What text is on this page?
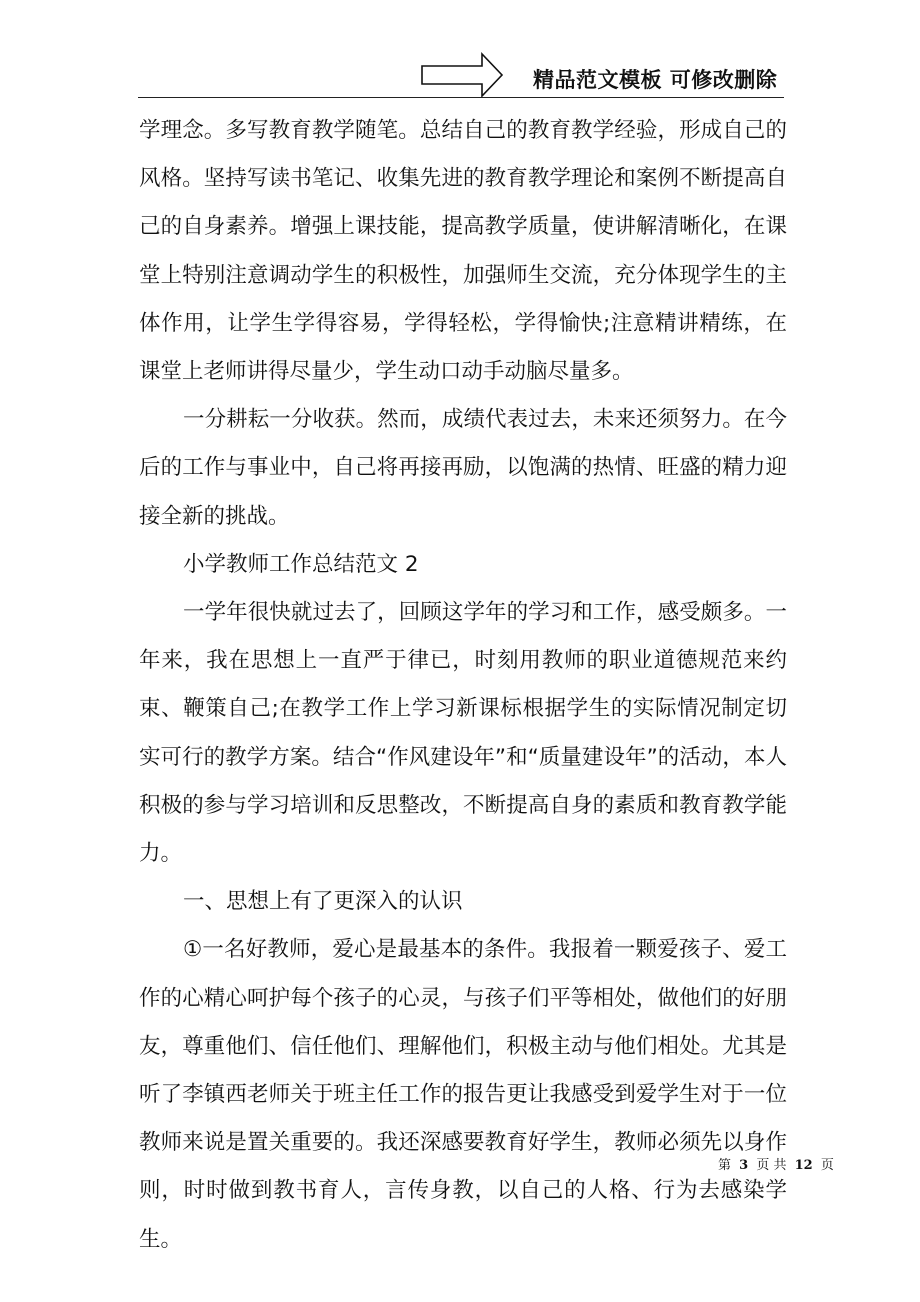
精品范文模板 可修改删除

学理念。多写教育教学随笔。总结自己的教育教学经验，形成自己的风格。坚持写读书笔记、收集先进的教育教学理论和案例不断提高自己的自身素养。增强上课技能，提高教学质量，使讲解清晰化，在课堂上特别注意调动学生的积极性，加强师生交流，充分体现学生的主体作用，让学生学得容易，学得轻松，学得愉快;注意精讲精练，在课堂上老师讲得尽量少，学生动口动手动脑尽量多。

一分耕耘一分收获。然而，成绩代表过去，未来还须努力。在今后的工作与事业中，自己将再接再励，以饱满的热情、旺盛的精力迎接全新的挑战。

小学教师工作总结范文 2

一学年很快就过去了，回顾这学年的学习和工作，感受颇多。一年来，我在思想上一直严于律已，时刻用教师的职业道德规范来约束、鞭策自己;在教学工作上学习新课标根据学生的实际情况制定切实可行的教学方案。结合“作风建设年”和“质量建设年”的活动，本人积极的参与学习培训和反思整改，不断提高自身的素质和教育教学能力。

一、思想上有了更深入的认识

①一名好教师，爱心是最基本的条件。我报着一颗爱孩子、爱工作的心精心呵护每个孩子的心灵，与孩子们平等相处，做他们的好朋友，尊重他们、信任他们、理解他们，积极主动与他们相处。尤其是听了李镇西老师关于班主任工作的报告更让我感受到爱学生对于一位教师来说是置关重要的。我还深感要教育好学生，教师必须先以身作则，时时做到教书育人，言传身教，以自己的人格、行为去感染学生。

第 3 页 共 12 页
